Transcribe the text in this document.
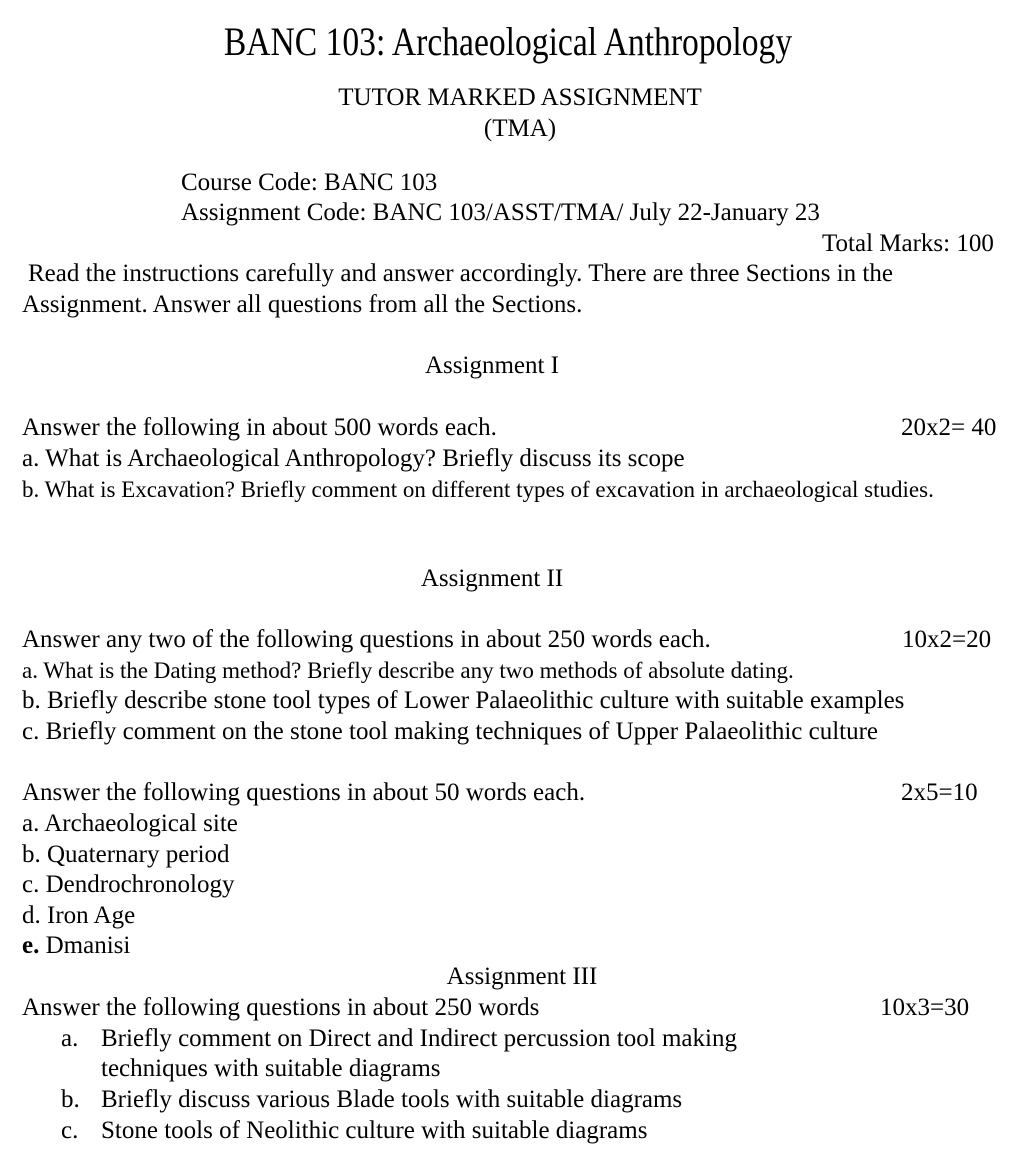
BANC 103: Archaeological Anthropology
TUTOR MARKED ASSIGNMENT
(TMA)
Course Code: BANC 103
Assignment Code: BANC 103/ASST/TMA/ July 22-January 23
Total Marks: 100
Read the instructions carefully and answer accordingly. There are three Sections in the
Assignment. Answer all questions from all the Sections.
Assignment I
Answer the following in about 500 words each.	20x2= 40
a. What is Archaeological Anthropology? Briefly discuss its scope
b. What is Excavation? Briefly comment on different types of excavation in archaeological studies.
Assignment II
Answer any two of the following questions in about 250 words each.	10x2=20
a. What is the Dating method? Briefly describe any two methods of absolute dating.
b. Briefly describe stone tool types of Lower Palaeolithic culture with suitable examples
c. Briefly comment on the stone tool making techniques of Upper Palaeolithic culture
Answer the following questions in about 50 words each.	2x5=10
a. Archaeological site
b. Quaternary period
c. Dendrochronology
d. Iron Age
e. Dmanisi
Assignment III
Answer the following questions in about 250 words	10x3=30
a. Briefly comment on Direct and Indirect percussion tool making
techniques with suitable diagrams
b. Briefly discuss various Blade tools with suitable diagrams
c. Stone tools of Neolithic culture with suitable diagrams
